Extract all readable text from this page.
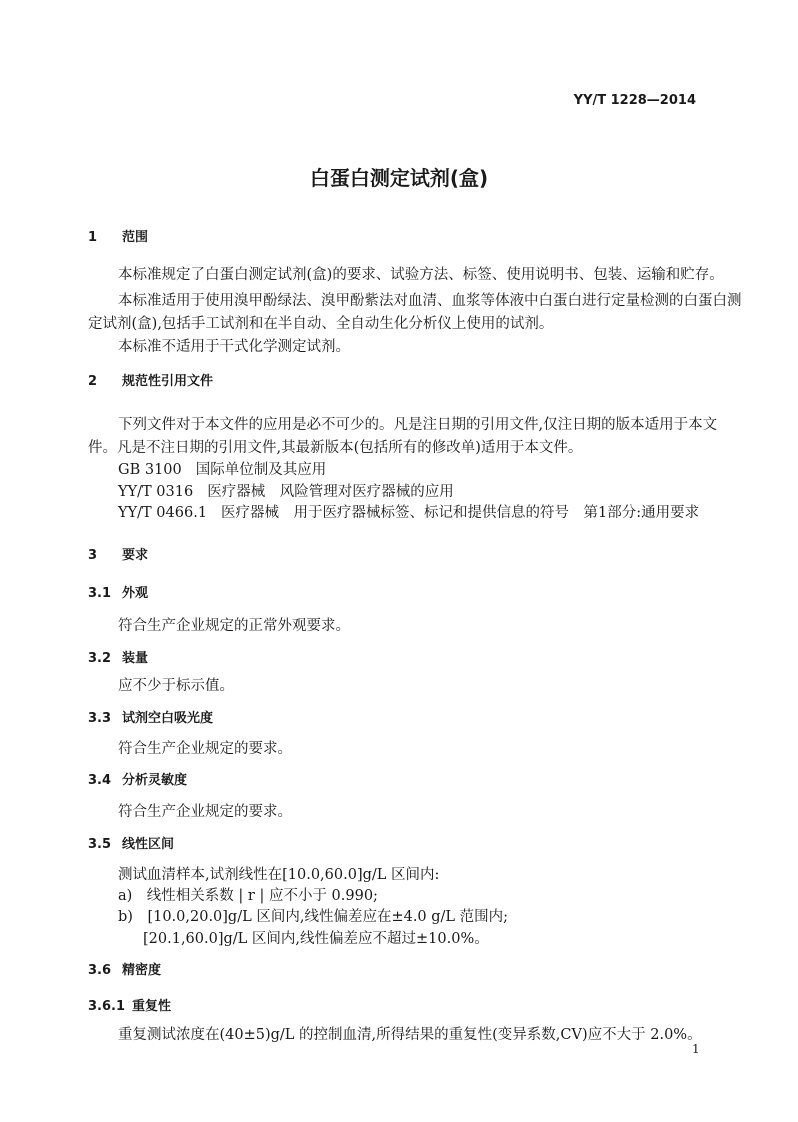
YY/T 1228—2014
白蛋白测定试剂(盒)
1 范围
本标准规定了白蛋白测定试剂(盒)的要求、试验方法、标签、使用说明书、包装、运输和贮存。
本标准适用于使用溴甲酚绿法、溴甲酚紫法对血清、血浆等体液中白蛋白进行定量检测的白蛋白测
定试剂(盒),包括手工试剂和在半自动、全自动生化分析仪上使用的试剂。
本标准不适用于干式化学测定试剂。
2 规范性引用文件
下列文件对于本文件的应用是必不可少的。凡是注日期的引用文件,仅注日期的版本适用于本文
件。凡是不注日期的引用文件,其最新版本(包括所有的修改单)适用于本文件。
GB 3100 国际单位制及其应用
YY/T 0316 医疗器械　风险管理对医疗器械的应用
YY/T 0466.1 医疗器械　用于医疗器械标签、标记和提供信息的符号　第1部分:通用要求
3 要求
3.1 外观
符合生产企业规定的正常外观要求。
3.2 装量
应不少于标示值。
3.3 试剂空白吸光度
符合生产企业规定的要求。
3.4 分析灵敏度
符合生产企业规定的要求。
3.5 线性区间
测试血清样本,试剂线性在[10.0,60.0]g/L 区间内:
a)　线性相关系数 | r | 应不小于 0.990;
b)　[10.0,20.0]g/L 区间内,线性偏差应在±4.0 g/L 范围内;
[20.1,60.0]g/L 区间内,线性偏差应不超过±10.0%。
3.6 精密度
3.6.1 重复性
重复测试浓度在(40±5)g/L 的控制血清,所得结果的重复性(变异系数,CV)应不大于 2.0%。
1
